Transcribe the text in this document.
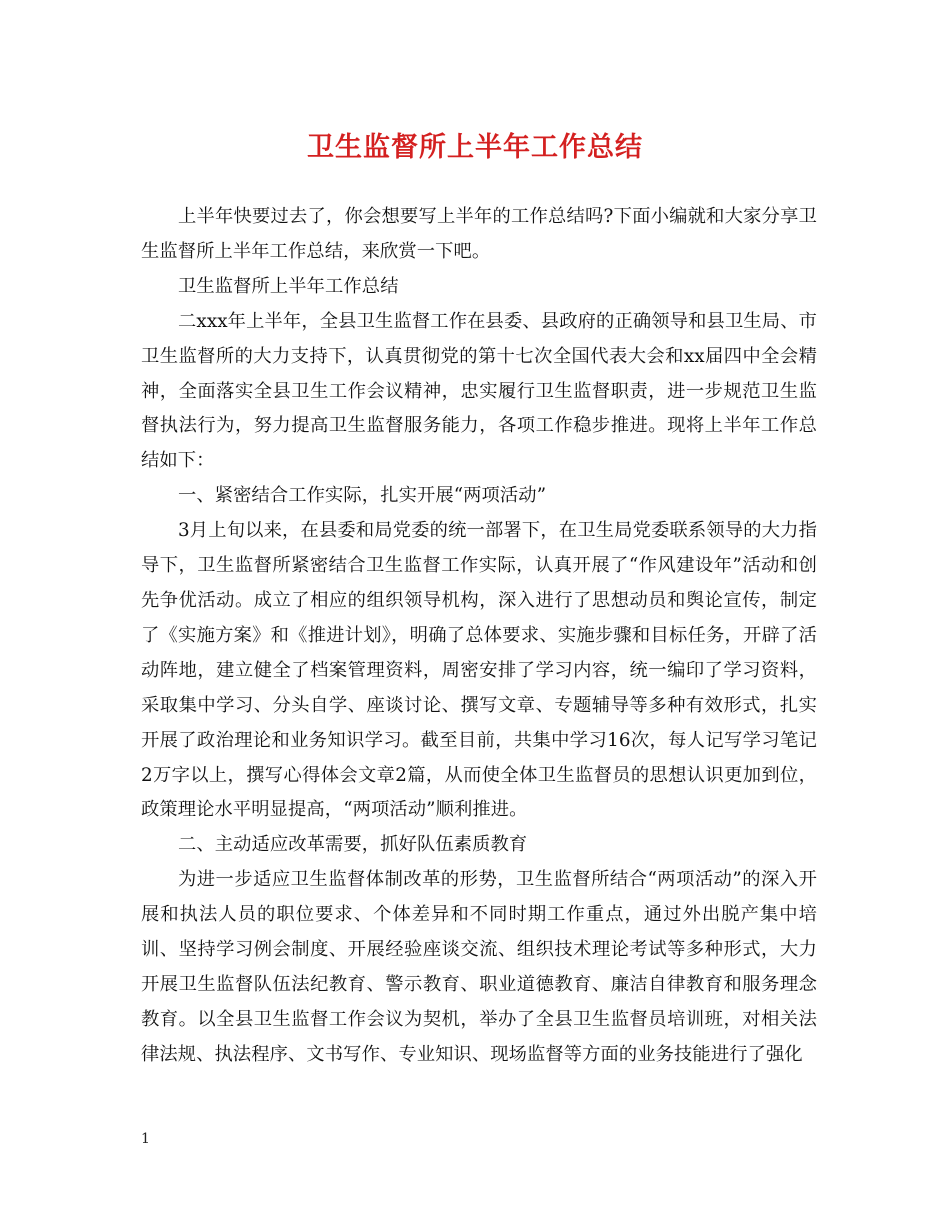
卫生监督所上半年工作总结

上半年快要过去了，你会想要写上半年的工作总结吗?下面小编就和大家分享卫生监督所上半年工作总结，来欣赏一下吧。

卫生监督所上半年工作总结

二xxx年上半年，全县卫生监督工作在县委、县政府的正确领导和县卫生局、市卫生监督所的大力支持下，认真贯彻党的第十七次全国代表大会和xx届四中全会精神，全面落实全县卫生工作会议精神，忠实履行卫生监督职责，进一步规范卫生监督执法行为，努力提高卫生监督服务能力，各项工作稳步推进。现将上半年工作总结如下：

一、紧密结合工作实际，扎实开展“两项活动”

3月上旬以来，在县委和局党委的统一部署下，在卫生局党委联系领导的大力指导下，卫生监督所紧密结合卫生监督工作实际，认真开展了“作风建设年”活动和创先争优活动。成立了相应的组织领导机构，深入进行了思想动员和舆论宣传，制定了《实施方案》和《推进计划》，明确了总体要求、实施步骤和目标任务，开辟了活动阵地，建立健全了档案管理资料，周密安排了学习内容，统一编印了学习资料，采取集中学习、分头自学、座谈讨论、撰写文章、专题辅导等多种有效形式，扎实开展了政治理论和业务知识学习。截至目前，共集中学习16次，每人记写学习笔记2万字以上，撰写心得体会文章2篇，从而使全体卫生监督员的思想认识更加到位，政策理论水平明显提高，“两项活动”顺利推进。

二、主动适应改革需要，抓好队伍素质教育

为进一步适应卫生监督体制改革的形势，卫生监督所结合“两项活动”的深入开展和执法人员的职位要求、个体差异和不同时期工作重点，通过外出脱产集中培训、坚持学习例会制度、开展经验座谈交流、组织技术理论考试等多种形式，大力开展卫生监督队伍法纪教育、警示教育、职业道德教育、廉洁自律教育和服务理念教育。以全县卫生监督工作会议为契机，举办了全县卫生监督员培训班，对相关法律法规、执法程序、文书写作、专业知识、现场监督等方面的业务技能进行了强化

1
